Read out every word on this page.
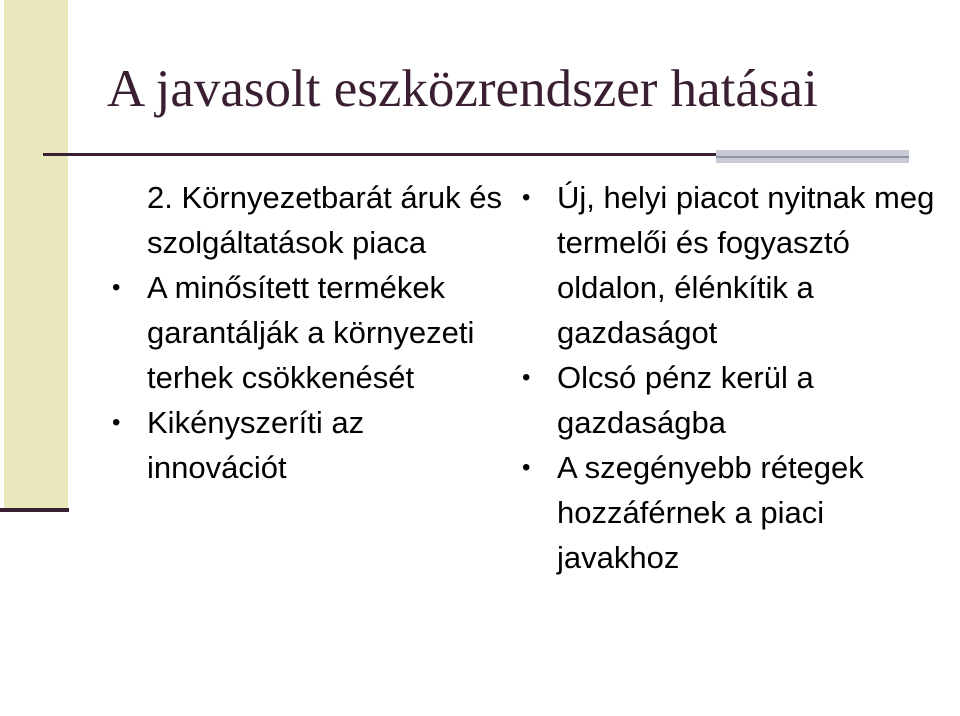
A javasolt eszközrendszer hatásai
2. Környezetbarát áruk és szolgáltatások piaca
• A minősített termékek garantálják a környezeti terhek csökkenését
• Kikényszeríti az innovációt
• Új, helyi piacot nyitnak meg termelői és fogyasztó oldalon, élénkítik a gazdaságot
• Olcsó pénz kerül a gazdaságba
• A szegényebb rétegek hozzáférnek a piaci javakhoz
